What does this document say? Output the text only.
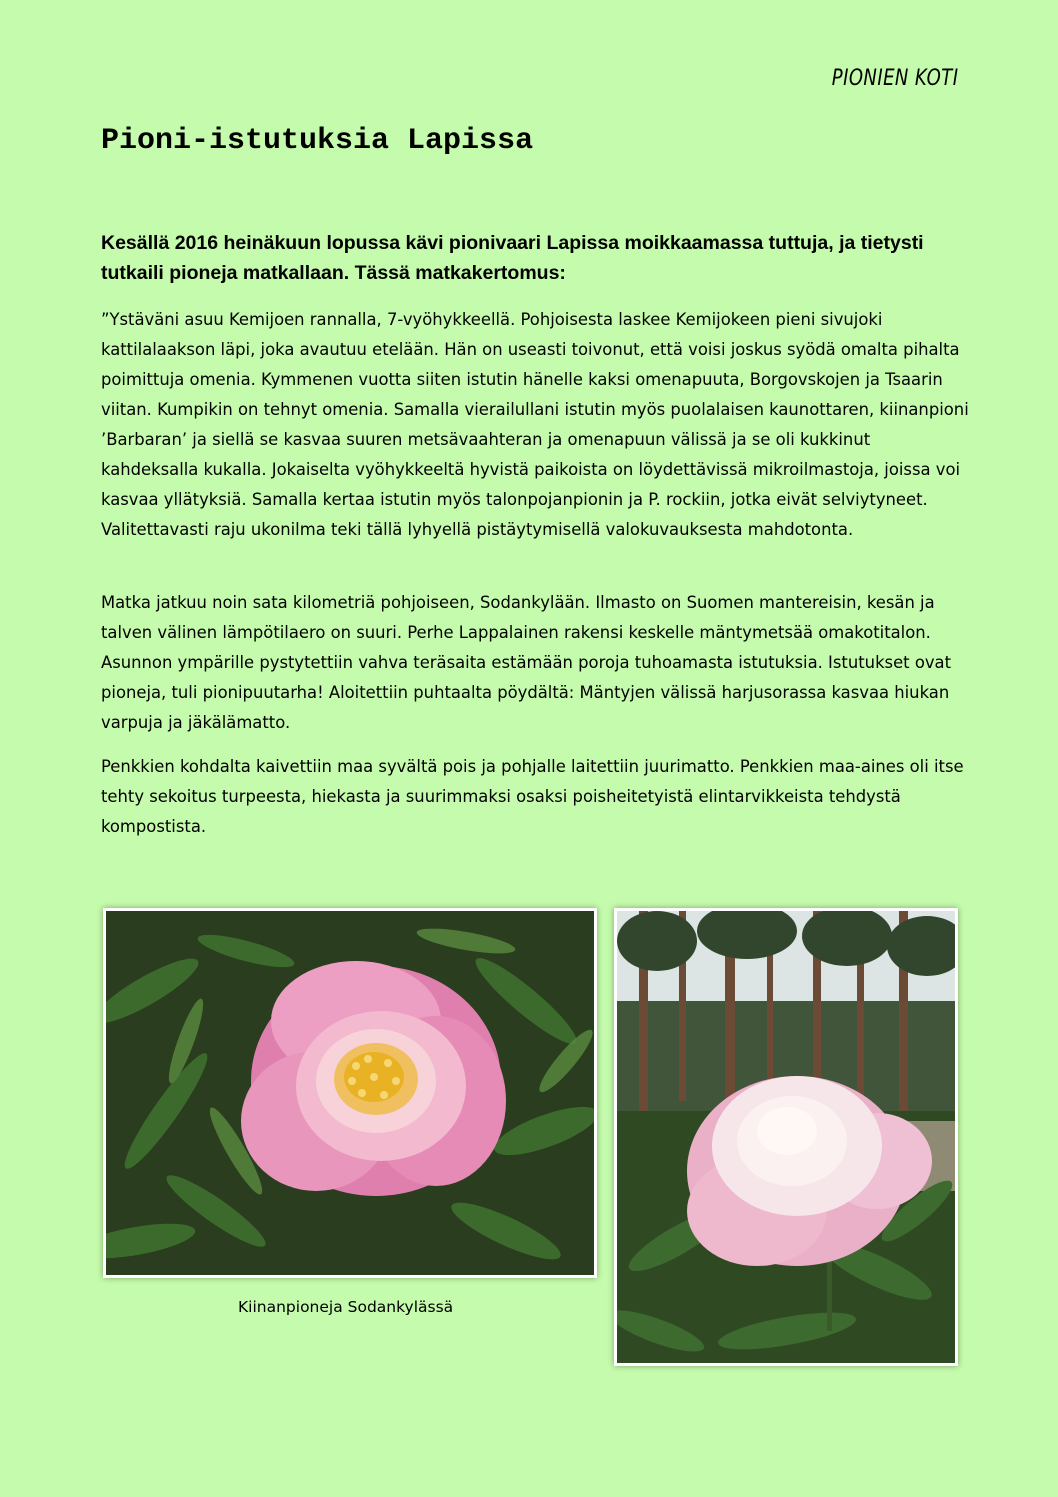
PIONIEN KOTI
Pioni-istutuksia Lapissa

Kesällä 2016 heinäkuun lopussa kävi pionivaari Lapissa moikkaamassa tuttuja, ja tietysti tutkaili pioneja matkallaan. Tässä matkakertomus:

”Ystäväni asuu Kemijoen rannalla, 7-vyöhykkeellä. Pohjoisesta laskee Kemijokeen pieni sivujoki kattilalaakson läpi, joka avautuu etelään. Hän on useasti toivonut, että voisi joskus syödä omalta pihalta poimittuja omenia. Kymmenen vuotta siiten istutin hänelle kaksi omenapuuta, Borgovskojen ja Tsaarin viitan. Kumpikin on tehnyt omenia. Samalla vierailullani istutin myös puolalaisen kaunottaren, kiinanpioni ’Barbaran’ ja siellä se kasvaa suuren metsävaahteran ja omenapuun välissä ja se oli kukkinut kahdeksalla kukalla. Jokaiselta vyöhykkeeltä hyvistä paikoista on löydettävissä mikroilmastoja, joissa voi kasvaa yllätyksiä. Samalla kertaa istutin myös talonpojanpionin ja P. rockiin, jotka eivät selviytyneet. Valitettavasti raju ukonilma teki tällä lyhyellä pistäytymisellä valokuvauksesta mahdotonta.

Matka jatkuu noin sata kilometriä pohjoiseen, Sodankylään. Ilmasto on Suomen mantereisin, kesän ja talven välinen lämpötilaero on suuri. Perhe Lappalainen rakensi keskelle mäntymetsää omakotitalon. Asunnon ympärille pystytettiin vahva teräsaita estämään poroja tuhoamasta istutuksia. Istutukset ovat pioneja, tuli pionipuutarha! Aloitettiin puhtaalta pöydältä: Mäntyjen välissä harjusorassa kasvaa hiukan varpuja ja jäkälämatto.

Penkkien kohdalta kaivettiin maa syvältä pois ja pohjalle laitettiin juurimatto. Penkkien maa-aines oli itse tehty sekoitus turpeesta, hiekasta ja suurimmaksi osaksi poisheitetyistä elintarvikkeista tehdystä kompostista.

Kiinanpioneja Sodankylässä
